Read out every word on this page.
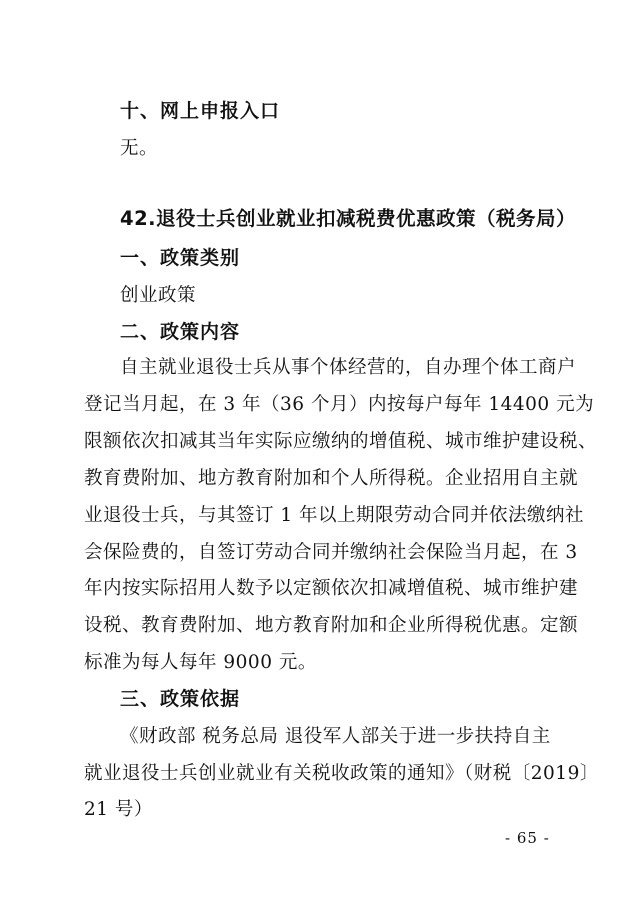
十、网上申报入口
无。
42.退役士兵创业就业扣减税费优惠政策（税务局）
一、政策类别
创业政策
二、政策内容
自主就业退役士兵从事个体经营的，自办理个体工商户
登记当月起，在 3 年（36 个月）内按每户每年 14400 元为
限额依次扣减其当年实际应缴纳的增值税、城市维护建设税、
教育费附加、地方教育附加和个人所得税。企业招用自主就
业退役士兵，与其签订 1 年以上期限劳动合同并依法缴纳社
会保险费的，自签订劳动合同并缴纳社会保险当月起，在 3
年内按实际招用人数予以定额依次扣减增值税、城市维护建
设税、教育费附加、地方教育附加和企业所得税优惠。定额
标准为每人每年 9000 元。
三、政策依据
《财政部 税务总局 退役军人部关于进一步扶持自主
就业退役士兵创业就业有关税收政策的通知》（财税〔2019〕
21 号）
- 65 -
